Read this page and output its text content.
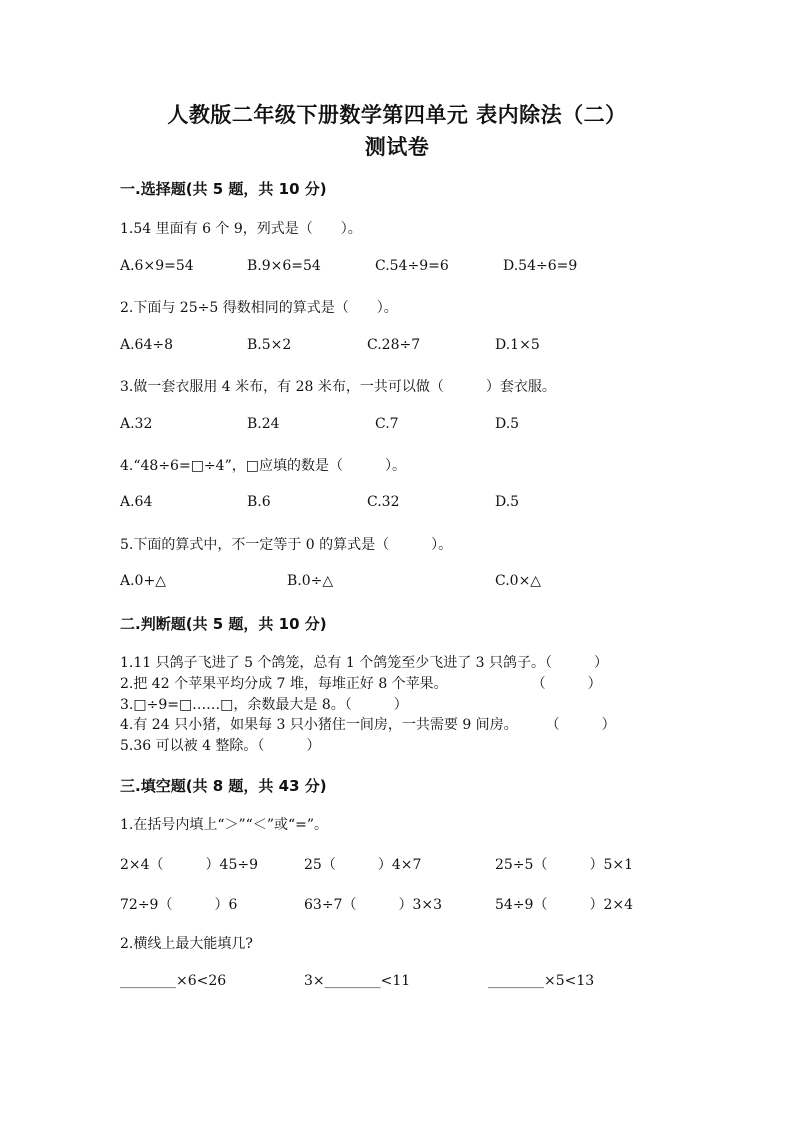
人教版二年级下册数学第四单元 表内除法（二）
测试卷
一.选择题(共 5 题，共 10 分)
1.54 里面有 6 个 9，列式是（　　）。
A.6×9=54	B.9×6=54	C.54÷9=6	D.54÷6=9
2.下面与 25÷5 得数相同的算式是（　　）。
A.64÷8	B.5×2	C.28÷7	D.1×5
3.做一套衣服用 4 米布，有 28 米布，一共可以做（　　　）套衣服。
A.32	B.24	C.7	D.5
4.“48÷6=□÷4”，□应填的数是（　　　）。
A.64	B.6	C.32	D.5
5.下面的算式中，不一定等于 0 的算式是（　　　）。
A.0+△	B.0÷△	C.0×△
二.判断题(共 5 题，共 10 分)
1.11 只鸽子飞进了 5 个鸽笼，总有 1 个鸽笼至少飞进了 3 只鸽子。（　　　）
2.把 42 个苹果平均分成 7 堆，每堆正好 8 个苹果。　　　　　　　（　　　）
3.□÷9=□……□，余数最大是 8。（　　　）
4.有 24 只小猪，如果每 3 只小猪住一间房，一共需要 9 间房。　　　（　　　）
5.36 可以被 4 整除。（　　　）
三.填空题(共 8 题，共 43 分)
1.在括号内填上“＞”“＜”或“=”。
2×4（　　　）45÷9	25（　　　）4×7	25÷5（　　　）5×1
72÷9（　　　）6	63÷7（　　　）3×3	54÷9（　　　）2×4
2.横线上最大能填几?
________×6<26	3×________<11	________×5<13
